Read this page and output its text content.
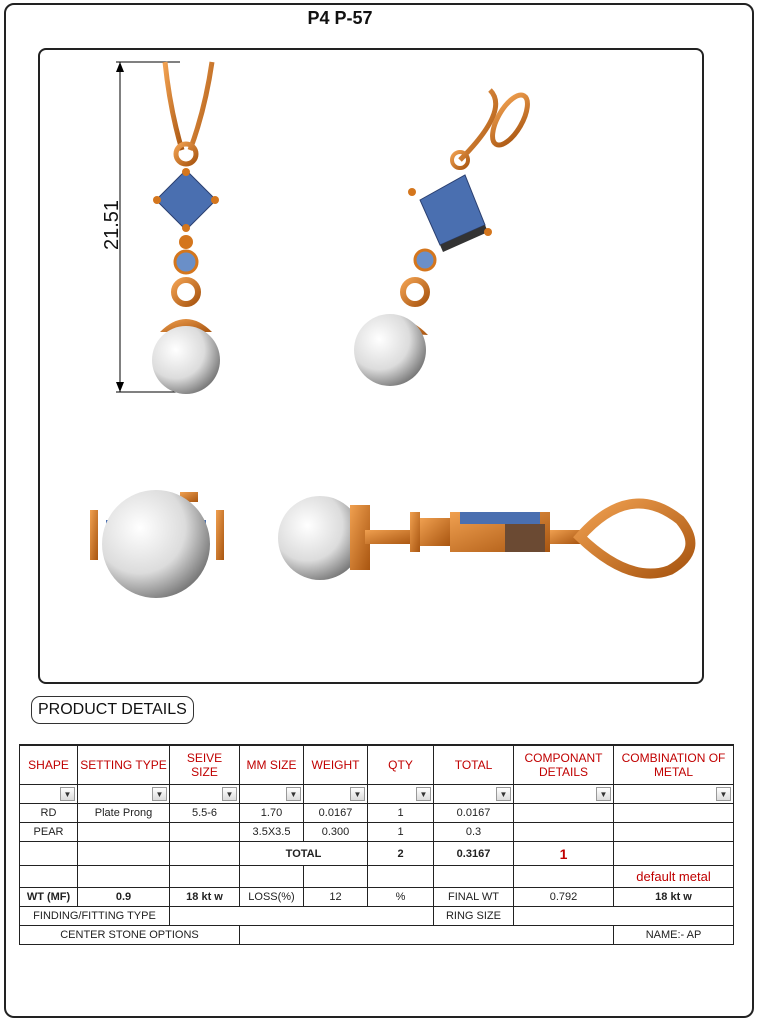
P4 P-57
21.51
PRODUCT DETAILS
SHAPE	SETTING TYPE	SEIVE SIZE	MM SIZE	WEIGHT	QTY	TOTAL	COMPONANT DETAILS	COMBINATION OF METAL

▼	▼	▼	▼	▼	▼	▼	▼	▼

RD	Plate Prong	5.5-6	1.70	0.0167	1	0.0167		
PEAR			3.5X3.5	0.300	1	0.3		
			TOTAL		2	0.3167	1	
								default metal
WT (MF)	0.9	18 kt w	LOSS(%)	12	%	FINAL WT	0.792	18 kt w
FINDING/FITTING TYPE						RING SIZE		
CENTER STONE OPTIONS								NAME:- AP
